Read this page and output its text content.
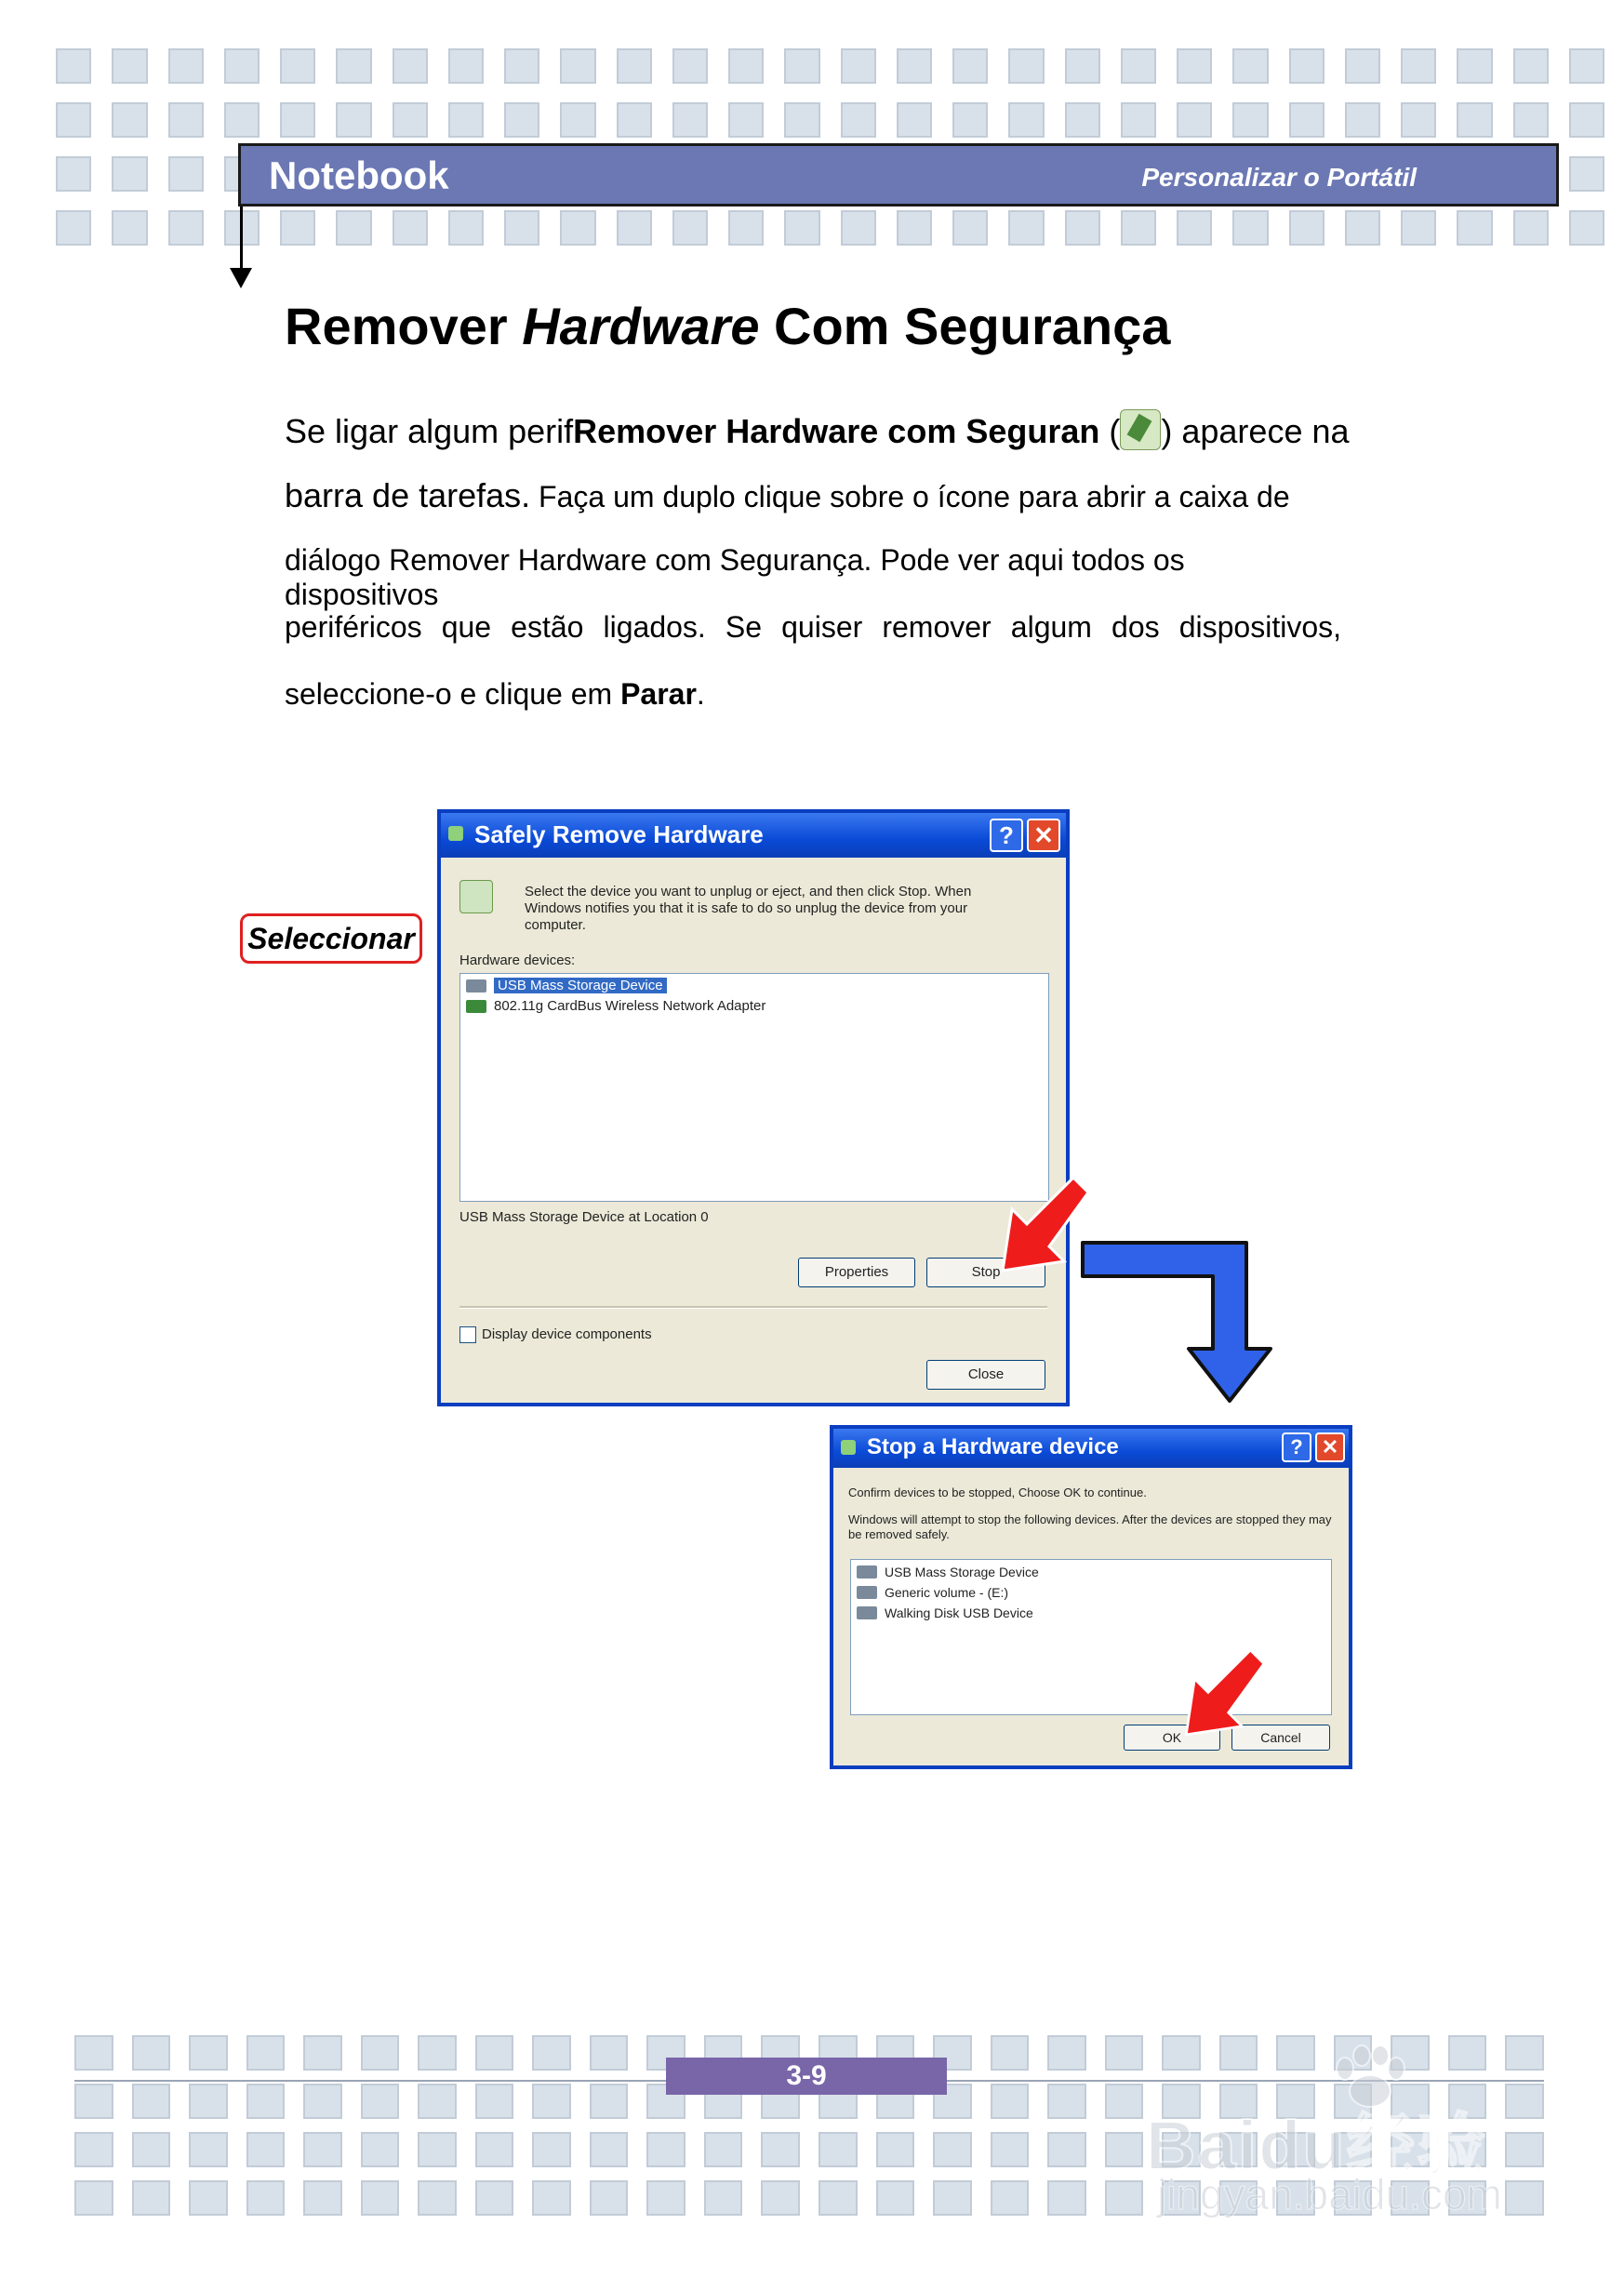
Notebook	Personalizar o Portátil
Remover Hardware Com Segurança
Se ligar algum perifRemover Hardware com Seguran ( ) aparece na
barra de tarefas. Faça um duplo clique sobre o ícone para abrir a caixa de
diálogo Remover Hardware com Segurança. Pode ver aqui todos os dispositivos
periféricos que estão ligados. Se quiser remover algum dos dispositivos,
seleccione-o e clique em Parar.
Seleccionar
Safely Remove Hardware	? ✕
Select the device you want to unplug or eject, and then click Stop. When Windows notifies you that it is safe to do so unplug the device from your computer.
Hardware devices:
USB Mass Storage Device
802.11g CardBus Wireless Network Adapter
USB Mass Storage Device at Location 0
Properties	Stop
Display device components
Close
Stop a Hardware device	? ✕
Confirm devices to be stopped, Choose OK to continue.
Windows will attempt to stop the following devices. After the devices are stopped they may be removed safely.
USB Mass Storage Device
Generic volume - (E:)
Walking Disk USB Device
OK	Cancel
3-9
Baidu经验
jingyan.baidu.com
